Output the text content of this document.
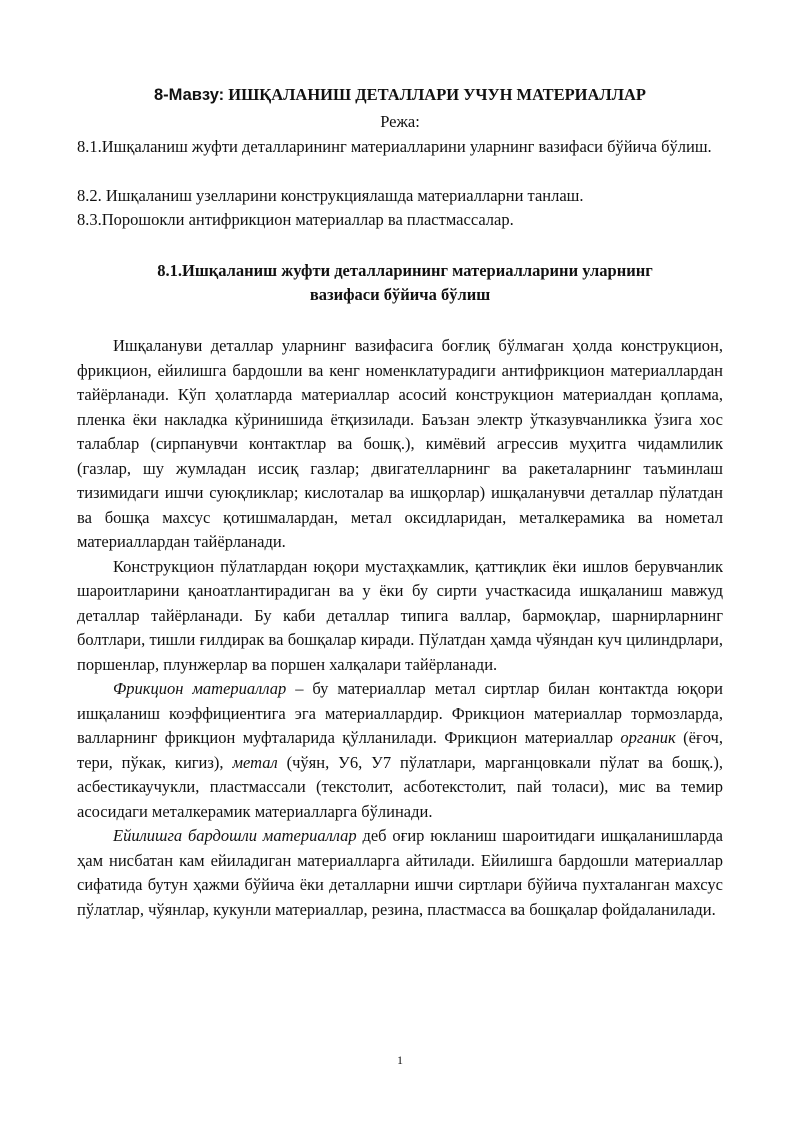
8-Мавзу: ИШҚАЛАНИШ ДЕТАЛЛАРИ УЧУН МАТЕРИАЛЛАР
Режа:
8.1.Ишқаланиш жуфти деталларининг материалларини уларнинг вазифаси бўйича бўлиш.
8.2. Ишқаланиш узелларини конструкциялашда материалларни танлаш.
8.3.Порошокли антифрикцион материаллар ва пластмассалар.
8.1.Ишқаланиш жуфти деталларининг материалларини уларнинг
вазифаси бўйича бўлиш

Ишқалануви деталлар уларнинг вазифасига боғлиқ бўлмаган ҳолда конструкцион, фрикцион, ейилишга бардошли ва кенг номенклатурадиги антифрикцион материаллардан тайёрланади. Кўп ҳолатларда материаллар асосий конструкцион материалдан қоплама, пленка ёки накладка кўринишида ётқизилади. Баъзан электр ўтказувчанликка ўзига хос талаблар (сирпанувчи контактлар ва бошқ.), кимёвий агрессив муҳитга чидамлилик (газлар, шу жумладан иссиқ газлар; двигателларнинг ва ракеталарнинг таъминлаш тизимидаги ишчи суюқликлар; кислоталар ва ишқорлар) ишқаланувчи деталлар пўлатдан ва бошқа махсус қотишмалардан, метал оксидларидан, металкерамика ва нометал материаллардан тайёрланади.

Конструкцион пўлатлардан юқори мустаҳкамлик, қаттиқлик ёки ишлов берувчанлик шароитларини қаноатлантирадиган ва у ёки бу сирти участкасида ишқаланиш мавжуд деталлар тайёрланади. Бу каби деталлар типига валлар, бармоқлар, шарнирларнинг болтлари, тишли ғилдирак ва бошқалар киради. Пўлатдан ҳамда чўяндан куч цилиндрлари, поршенлар, плунжерлар ва поршен халқалари тайёрланади.

Фрикцион материаллар – бу материаллар метал сиртлар билан контактда юқори ишқаланиш коэффициентига эга материаллардир. Фрикцион материаллар тормозларда, валларнинг фрикцион муфталарида қўлланилади. Фрикцион материаллар органик (ёғоч, тери, пўкак, кигиз), метал (чўян, У6, У7 пўлатлари, марганцовкали пўлат ва бошқ.), асбестикаучукли, пластмассали (текстолит, асботекстолит, пай толаси), мис ва темир асосидаги металкерамик материалларга бўлинади.

Ейилишга бардошли материаллар деб оғир юкланиш шароитидаги ишқаланишларда ҳам нисбатан кам ейиладиган материалларга айтилади. Ейилишга бардошли материаллар сифатида бутун ҳажми бўйича ёки деталларни ишчи сиртлари бўйича пухталанган махсус пўлатлар, чўянлар, кукунли материаллар, резина, пластмасса ва бошқалар фойдаланилади.

1
